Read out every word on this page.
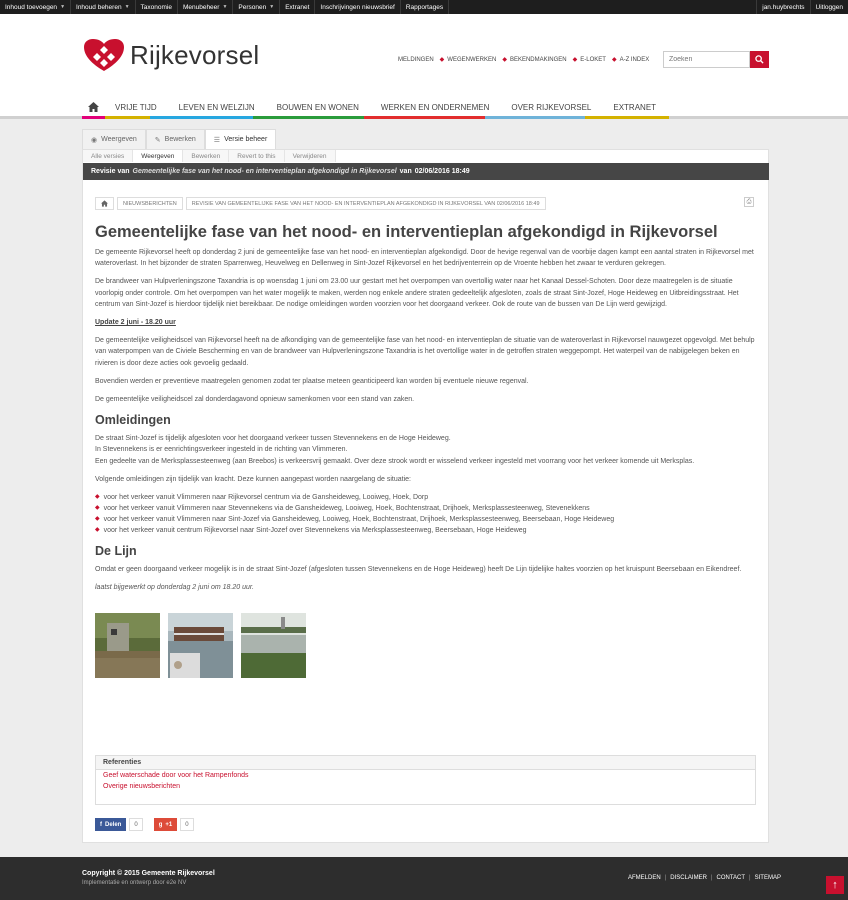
Inhoud toevoegen ▼ Inhoud beheren ▼ Taxonomie Menubeheer ▼ Personen ▼ Extranet Inschrijvingen nieuwsbrief Rapportages	jan.huybrechts	Uitloggen
Rijkevorsel	MELDINGEN ◆ WEGENWERKEN ◆ BEKENDMAKINGEN ◆ E-LOKET ◆ A-Z INDEX
Zoeken
VRIJE TIJD	LEVEN EN WELZIJN	BOUWEN EN WONEN	WERKEN EN ONDERNEMEN	OVER RIJKEVORSEL	EXTRANET
◉ Weergeven	✎ Bewerken	☰ Versie beheer
Alle versies	Weergeven	Bewerken	Revert to this	Verwijderen
Revisie van Gemeentelijke fase van het nood- en interventieplan afgekondigd in Rijkevorsel van 02/06/2016 18:49
NIEUWSBERICHTEN	REVISIE VAN GEMEENTELIJKE FASE VAN HET NOOD- EN INTERVENTIEPLAN AFGEKONDIGD IN RIJKEVORSEL VAN 02/06/2016 18:49	⎙
Gemeentelijke fase van het nood- en interventieplan afgekondigd in Rijkevorsel

De gemeente Rijkevorsel heeft op donderdag 2 juni de gemeentelijke fase van het nood- en interventieplan afgekondigd. Door de hevige regenval van de voorbije dagen kampt een aantal straten in Rijkevorsel met wateroverlast. In het bijzonder de straten Sparrenweg, Heuvelweg en Dellenweg in Sint-Jozef Rijkevorsel en het bedrijventerrein op de Vroente hebben het zwaar te verduren gekregen.

De brandweer van Hulpverleningszone Taxandria is op woensdag 1 juni om 23.00 uur gestart met het overpompen van overtollig water naar het Kanaal Dessel-Schoten. Door deze maatregelen is de situatie voorlopig onder controle. Om het overpompen van het water mogelijk te maken, werden nog enkele andere straten gedeeltelijk afgesloten, zoals de straat Sint-Jozef, Hoge Heideweg en Uitbreidingsstraat. Het centrum van Sint-Jozef is hierdoor tijdelijk niet bereikbaar. De nodige omleidingen worden voorzien voor het doorgaand verkeer. Ook de route van de bussen van De Lijn werd gewijzigd.

Update 2 juni - 18.20 uur

De gemeentelijke veiligheidscel van Rijkevorsel heeft na de afkondiging van de gemeentelijke fase van het nood- en interventieplan de situatie van de wateroverlast in Rijkevorsel nauwgezet opgevolgd. Met behulp van waterpompen van de Civiele Bescherming en van de brandweer van Hulpverleningszone Taxandria is het overtollige water in de getroffen straten weggepompt. Het waterpeil van de nabijgelegen beken en rivieren is door deze acties ook gevoelig gedaald.

Bovendien werden er preventieve maatregelen genomen zodat ter plaatse meteen geanticipeerd kan worden bij eventuele nieuwe regenval.

De gemeentelijke veiligheidscel zal donderdagavond opnieuw samenkomen voor een stand van zaken.

Omleidingen

De straat Sint-Jozef is tijdelijk afgesloten voor het doorgaand verkeer tussen Stevennekens en de Hoge Heideweg.
In Stevennekens is er eenrichtingsverkeer ingesteld in de richting van Vlimmeren.
Een gedeelte van de Merksplassesteenweg (aan Breebos) is verkeersvrij gemaakt. Over deze strook wordt er wisselend verkeer ingesteld met voorrang voor het verkeer komende uit Merksplas.

Volgende omleidingen zijn tijdelijk van kracht. Deze kunnen aangepast worden naargelang de situatie:

◆ voor het verkeer vanuit Vlimmeren naar Rijkevorsel centrum via de Gansheideweg, Looiweg, Hoek, Dorp
◆ voor het verkeer vanuit Vlimmeren naar Stevennekens via de Gansheideweg, Looiweg, Hoek, Bochtenstraat, Drijhoek, Merksplassesteenweg, Stevenekkens
◆ voor het verkeer vanuit Vlimmeren naar Sint-Jozef via Gansheideweg, Looiweg, Hoek, Bochtenstraat, Drijhoek, Merksplassesteenweg, Beersebaan, Hoge Heideweg
◆ voor het verkeer vanuit centrum Rijkevorsel naar Sint-Jozef over Stevennekens via Merksplassesteenweg, Beersebaan, Hoge Heideweg
De Lijn

Omdat er geen doorgaand verkeer mogelijk is in de straat Sint-Jozef (afgesloten tussen Stevennekens en de Hoge Heideweg) heeft De Lijn tijdelijke haltes voorzien op het kruispunt Beersebaan en Eikendreef.

laatst bijgewerkt op donderdag 2 juni om 18.20 uur.

Referenties
Geef waterschade door voor het Rampenfonds
Overige nieuwsberichten
f Delen	0	g +1	0
Copyright © 2015 Gemeente Rijkevorsel
Implementatie en ontwerp door e2e NV
AFMELDEN | DISCLAIMER | CONTACT | SITEMAP
↑
